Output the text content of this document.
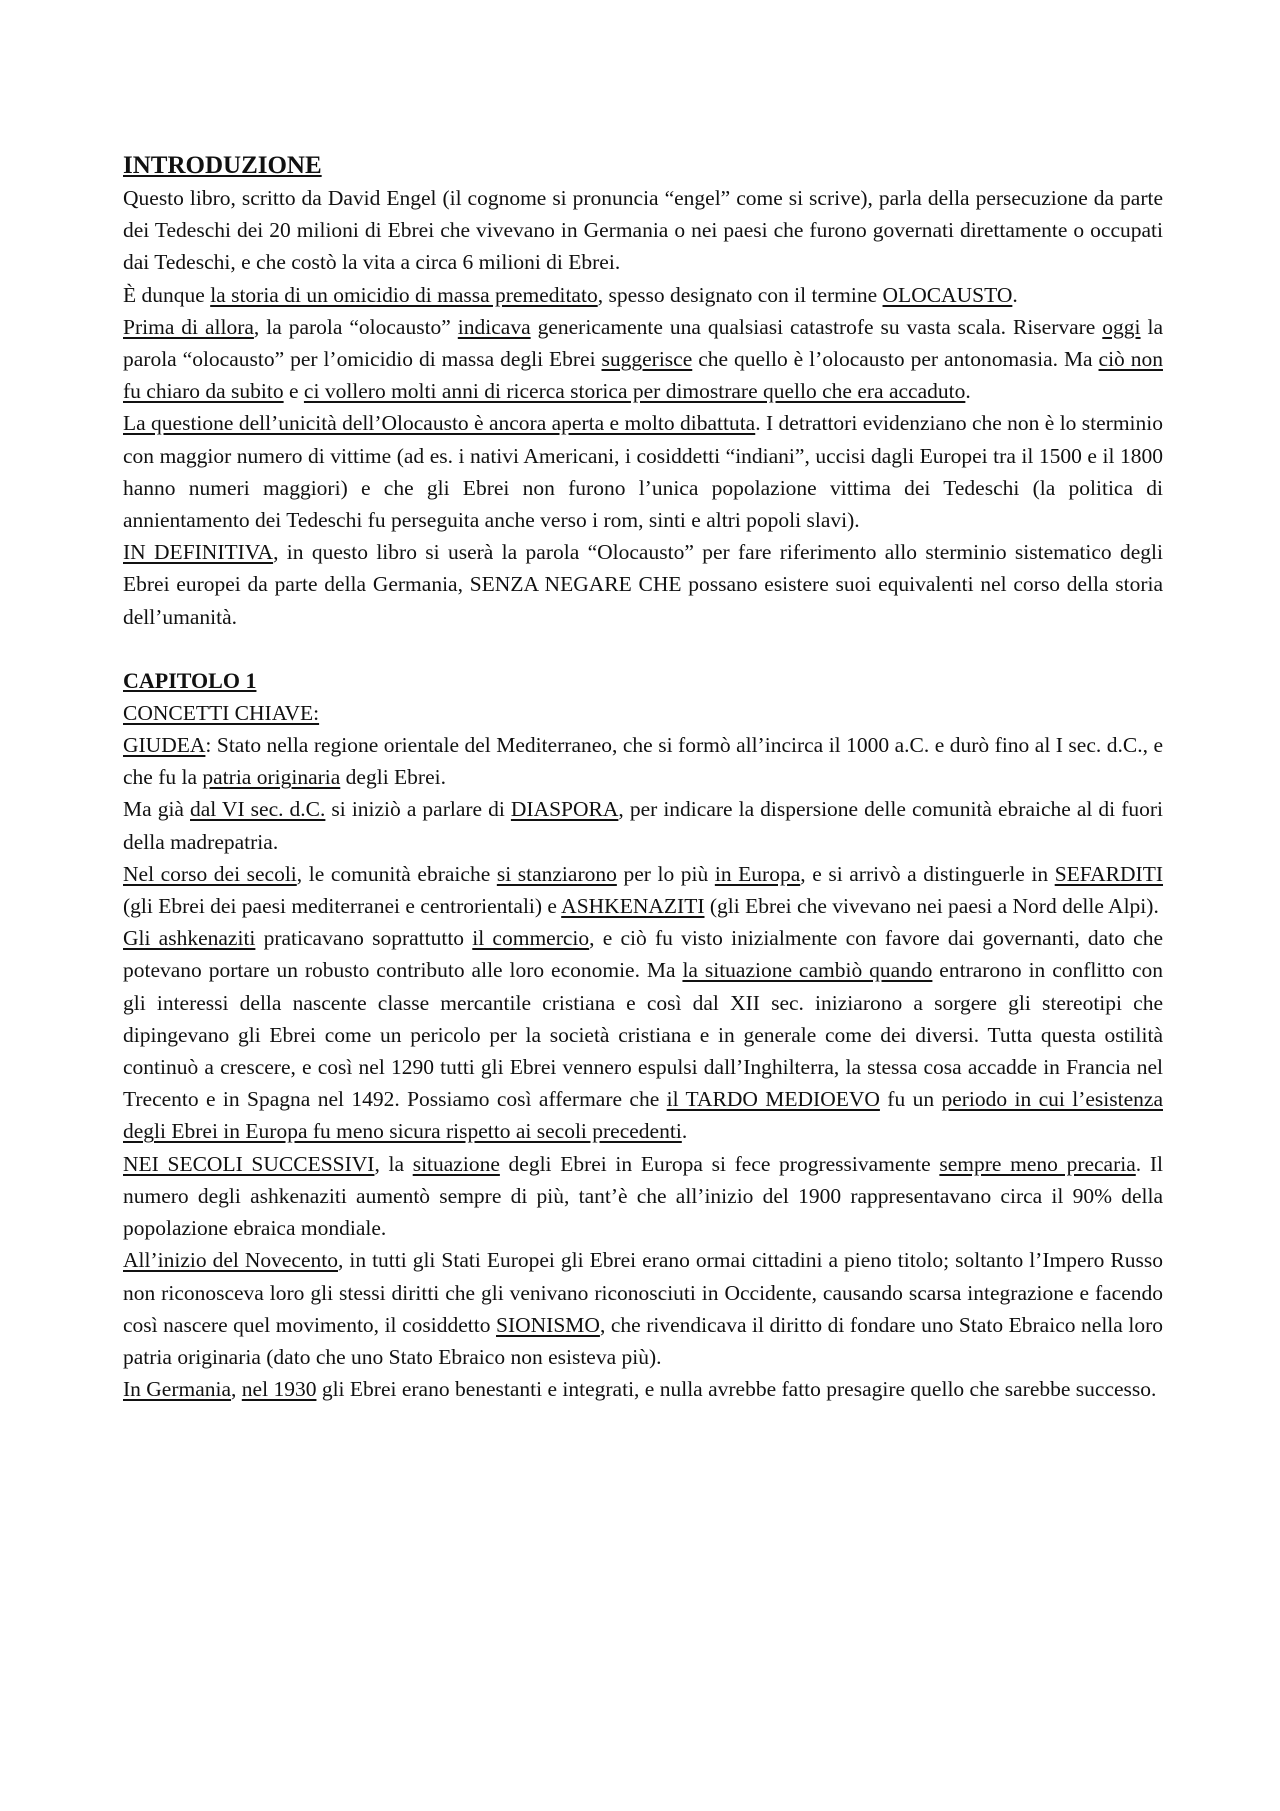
INTRODUZIONE

Questo libro, scritto da David Engel (il cognome si pronuncia “engel” come si scrive), parla della persecuzione da parte dei Tedeschi dei 20 milioni di Ebrei che vivevano in Germania o nei paesi che furono governati direttamente o occupati dai Tedeschi, e che costò la vita a circa 6 milioni di Ebrei.

È dunque la storia di un omicidio di massa premeditato, spesso designato con il termine OLOCAUSTO.

Prima di allora, la parola “olocausto” indicava genericamente una qualsiasi catastrofe su vasta scala. Riservare oggi la parola “olocausto” per l’omicidio di massa degli Ebrei suggerisce che quello è l’olocausto per antonomasia. Ma ciò non fu chiaro da subito e ci vollero molti anni di ricerca storica per dimostrare quello che era accaduto.

La questione dell’unicità dell’Olocausto è ancora aperta e molto dibattuta. I detrattori evidenziano che non è lo sterminio con maggior numero di vittime (ad es. i nativi Americani, i cosiddetti “indiani”, uccisi dagli Europei tra il 1500 e il 1800 hanno numeri maggiori) e che gli Ebrei non furono l’unica popolazione vittima dei Tedeschi (la politica di annientamento dei Tedeschi fu perseguita anche verso i rom, sinti e altri popoli slavi).

IN DEFINITIVA, in questo libro si userà la parola “Olocausto” per fare riferimento allo sterminio sistematico degli Ebrei europei da parte della Germania, SENZA NEGARE CHE possano esistere suoi equivalenti nel corso della storia dell’umanità.

CAPITOLO 1

CONCETTI CHIAVE:

GIUDEA: Stato nella regione orientale del Mediterraneo, che si formò all’incirca il 1000 a.C. e durò fino al I sec. d.C., e che fu la patria originaria degli Ebrei.

Ma già dal VI sec. d.C. si iniziò a parlare di DIASPORA, per indicare la dispersione delle comunità ebraiche al di fuori della madrepatria.

Nel corso dei secoli, le comunità ebraiche si stanziarono per lo più in Europa, e si arrivò a distinguerle in SEFARDITI (gli Ebrei dei paesi mediterranei e centrorientali) e ASHKENAZITI (gli Ebrei che vivevano nei paesi a Nord delle Alpi).

Gli ashkenaziti praticavano soprattutto il commercio, e ciò fu visto inizialmente con favore dai governanti, dato che potevano portare un robusto contributo alle loro economie. Ma la situazione cambiò quando entrarono in conflitto con gli interessi della nascente classe mercantile cristiana e così dal XII sec. iniziarono a sorgere gli stereotipi che dipingevano gli Ebrei come un pericolo per la società cristiana e in generale come dei diversi. Tutta questa ostilità continuò a crescere, e così nel 1290 tutti gli Ebrei vennero espulsi dall’Inghilterra, la stessa cosa accadde in Francia nel Trecento e in Spagna nel 1492. Possiamo così affermare che il TARDO MEDIOEVO fu un periodo in cui l’esistenza degli Ebrei in Europa fu meno sicura rispetto ai secoli precedenti.

NEI SECOLI SUCCESSIVI, la situazione degli Ebrei in Europa si fece progressivamente sempre meno precaria. Il numero degli ashkenaziti aumentò sempre di più, tant’è che all’inizio del 1900 rappresentavano circa il 90% della popolazione ebraica mondiale.

All’inizio del Novecento, in tutti gli Stati Europei gli Ebrei erano ormai cittadini a pieno titolo; soltanto l’Impero Russo non riconosceva loro gli stessi diritti che gli venivano riconosciuti in Occidente, causando scarsa integrazione e facendo così nascere quel movimento, il cosiddetto SIONISMO, che rivendicava il diritto di fondare uno Stato Ebraico nella loro patria originaria (dato che uno Stato Ebraico non esisteva più).

In Germania, nel 1930 gli Ebrei erano benestanti e integrati, e nulla avrebbe fatto presagire quello che sarebbe successo.
